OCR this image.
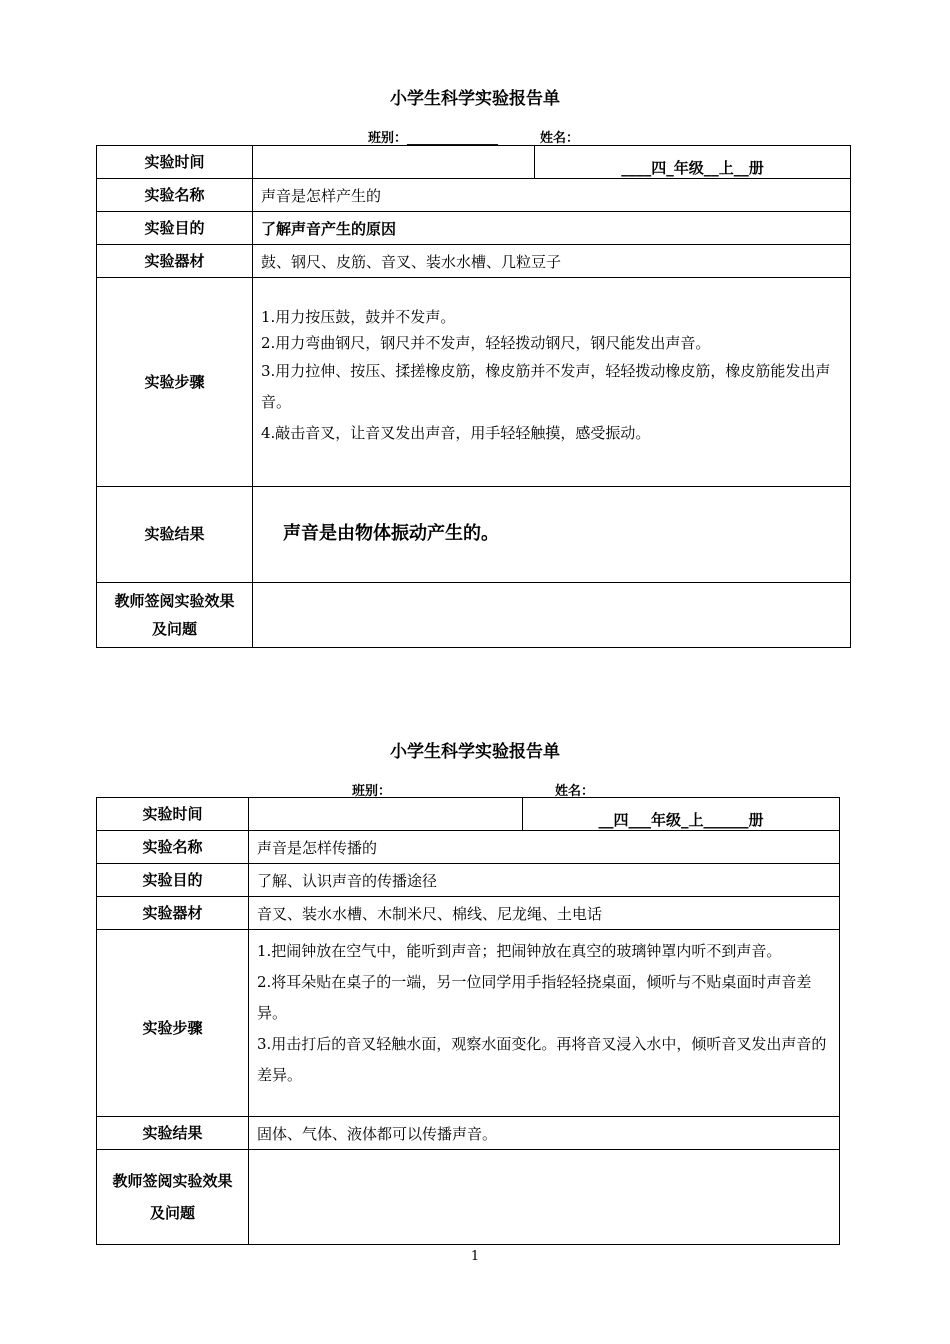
小学生科学实验报告单
班别：______________	姓名：
实验时间		____四_年级__上__册
实验名称	声音是怎样产生的	
实验目的	了解声音产生的原因	
实验器材	鼓、钢尺、皮筋、音叉、装水水槽、几粒豆子	
实验步骤	1.用力按压鼓，鼓并不发声。
2.用力弯曲钢尺，钢尺并不发声，轻轻拨动钢尺，钢尺能发出声音。
3.用力拉伸、按压、揉搓橡皮筋，橡皮筋并不发声，轻轻拨动橡皮筋，橡皮筋能发出声音。
4.敲击音叉，让音叉发出声音，用手轻轻触摸，感受振动。	

实验结果	声音是由物体振动产生的。	

教师签阅实验效果
及问题		

小学生科学实验报告单
班别：______________	姓名：
实验时间		__四___年级_上______册
实验名称	声音是怎样传播的	
实验目的	了解、认识声音的传播途径	
实验器材	音叉、装水水槽、木制米尺、棉线、尼龙绳、土电话	
实验步骤	1.把闹钟放在空气中，能听到声音；把闹钟放在真空的玻璃钟罩内听不到声音。
2.将耳朵贴在桌子的一端，另一位同学用手指轻轻挠桌面，倾听与不贴桌面时声音差异。
3.用击打后的音叉轻触水面，观察水面变化。再将音叉浸入水中，倾听音叉发出声音的差异。	

实验结果	固体、气体、液体都可以传播声音。	

教师签阅实验效果
及问题		

1
